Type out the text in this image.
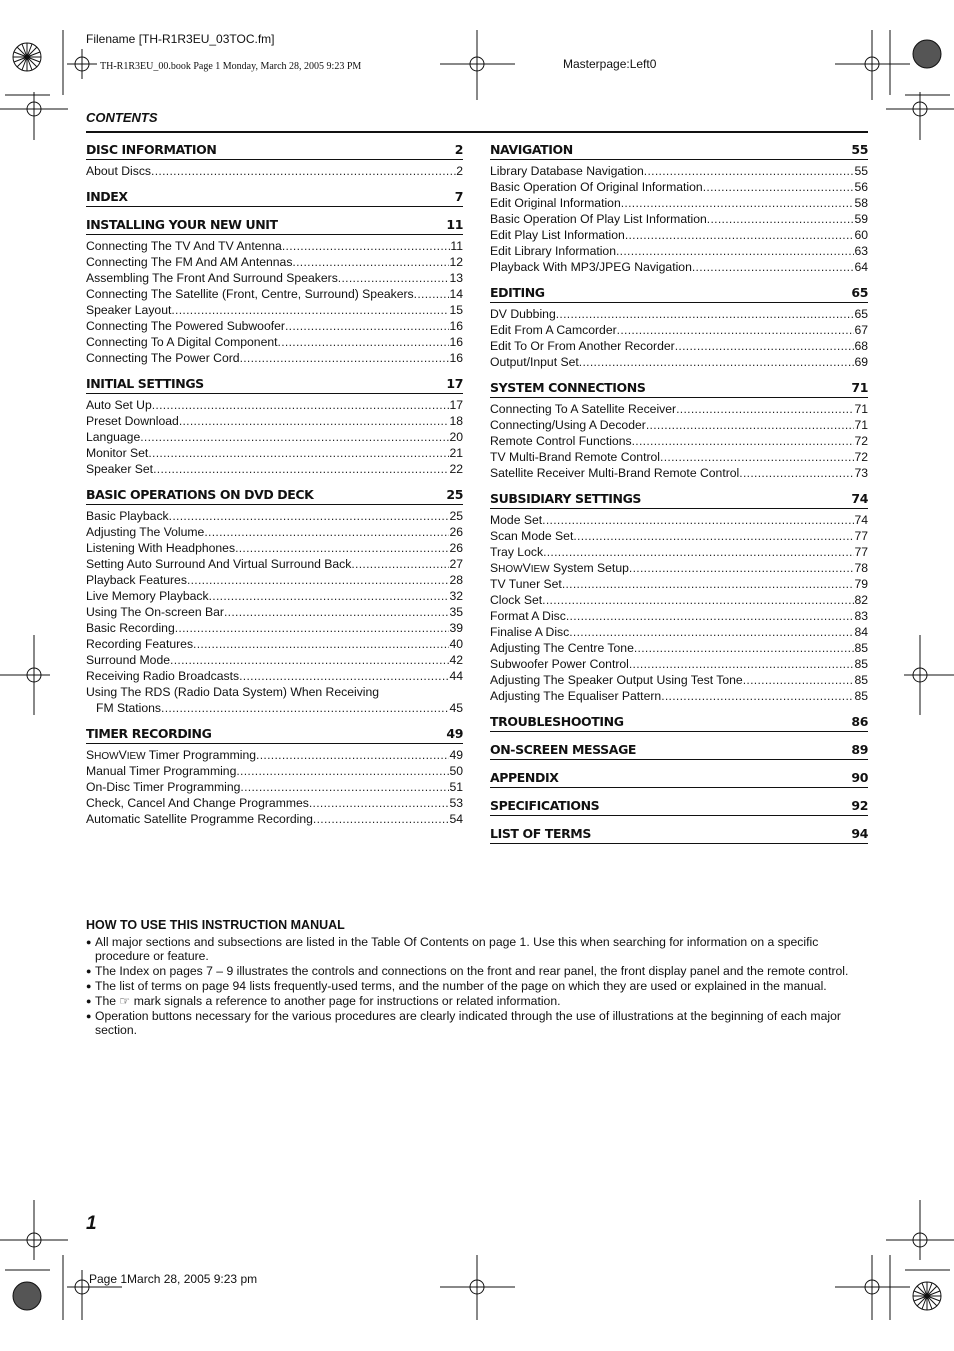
Filename [TH-R1R3EU_03TOC.fm]
TH-R1R3EU_00.book Page 1 Monday, March 28, 2005 9:23 PM	Masterpage:Left0
CONTENTS
DISC INFORMATION	2
About Discs .....	2
INDEX	7
INSTALLING YOUR NEW UNIT	11
Connecting The TV And TV Antenna .....	11
Connecting The FM And AM Antennas .....	12
Assembling The Front And Surround Speakers .....	13
Connecting The Satellite (Front, Centre, Surround) Speakers .....	14
Speaker Layout .....	15
Connecting The Powered Subwoofer .....	16
Connecting To A Digital Component .....	16
Connecting The Power Cord .....	16
INITIAL SETTINGS	17
Auto Set Up .....	17
Preset Download .....	18
Language .....	20
Monitor Set .....	21
Speaker Set .....	22
BASIC OPERATIONS ON DVD DECK	25
Basic Playback .....	25
Adjusting The Volume .....	26
Listening With Headphones .....	26
Setting Auto Surround And Virtual Surround Back .....	27
Playback Features .....	28
Live Memory Playback .....	32
Using The On-screen Bar .....	35
Basic Recording .....	39
Recording Features .....	40
Surround Mode .....	42
Receiving Radio Broadcasts .....	44
Using The RDS (Radio Data System) When Receiving
FM Stations .....	45
TIMER RECORDING	49
SHOWVIEW Timer Programming .....	49
Manual Timer Programming .....	50
On-Disc Timer Programming .....	51
Check, Cancel And Change Programmes .....	53
Automatic Satellite Programme Recording .....	54
NAVIGATION	55
Library Database Navigation .....	55
Basic Operation Of Original Information .....	56
Edit Original Information .....	58
Basic Operation Of Play List Information .....	59
Edit Play List Information .....	60
Edit Library Information .....	63
Playback With MP3/JPEG Navigation .....	64
EDITING	65
DV Dubbing .....	65
Edit From A Camcorder .....	67
Edit To Or From Another Recorder .....	68
Output/Input Set .....	69
SYSTEM CONNECTIONS	71
Connecting To A Satellite Receiver .....	71
Connecting/Using A Decoder .....	71
Remote Control Functions .....	72
TV Multi-Brand Remote Control .....	72
Satellite Receiver Multi-Brand Remote Control .....	73
SUBSIDIARY SETTINGS	74
Mode Set .....	74
Scan Mode Set .....	77
Tray Lock .....	77
SHOWVIEW System Setup .....	78
TV Tuner Set .....	79
Clock Set .....	82
Format A Disc .....	83
Finalise A Disc .....	84
Adjusting The Centre Tone .....	85
Subwoofer Power Control .....	85
Adjusting The Speaker Output Using Test Tone .....	85
Adjusting The Equaliser Pattern .....	85
TROUBLESHOOTING	86
ON-SCREEN MESSAGE	89
APPENDIX	90
SPECIFICATIONS	92
LIST OF TERMS	94
HOW TO USE THIS INSTRUCTION MANUAL
● All major sections and subsections are listed in the Table Of Contents on page 1. Use this when searching for information on a specific procedure or feature.
● The Index on pages 7 – 9 illustrates the controls and connections on the front and rear panel, the front display panel and the remote control.
● The list of terms on page 94 lists frequently-used terms, and the number of the page on which they are used or explained in the manual.
● The ☞ mark signals a reference to another page for instructions or related information.
● Operation buttons necessary for the various procedures are clearly indicated through the use of illustrations at the beginning of each major section.
1
Page 1March 28, 2005 9:23 pm
